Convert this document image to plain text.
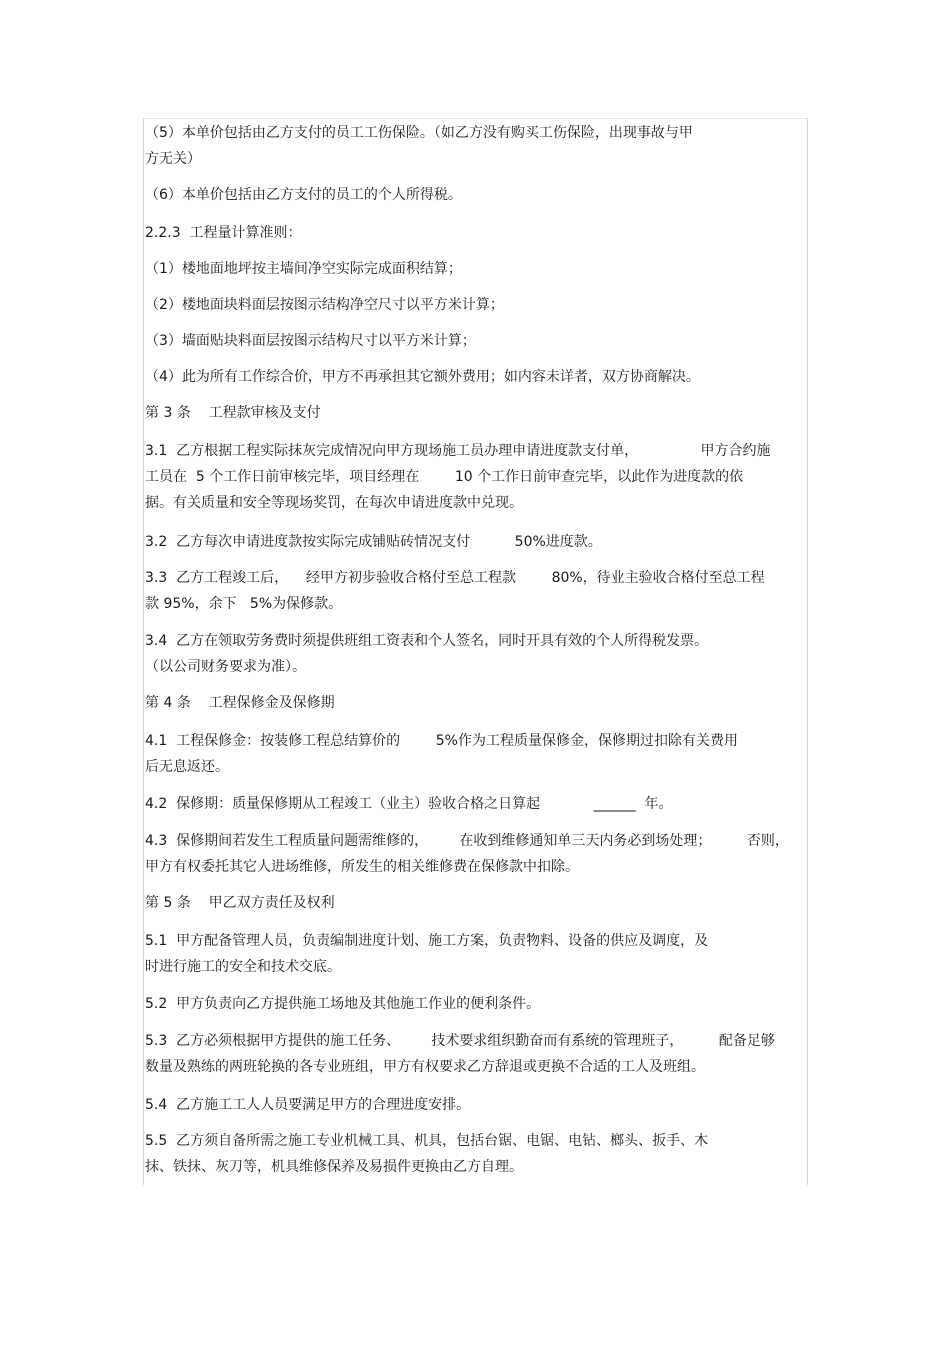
（5）本单价包括由乙方支付的员工工伤保险。（如乙方没有购买工伤保险，出现事故与甲
方无关）
（6）本单价包括由乙方支付的员工的个人所得税。
2.2.3  工程量计算准则：
（1）楼地面地坪按主墙间净空实际完成面积结算；
（2）楼地面块料面层按图示结构净空尺寸以平方米计算；
（3）墙面贴块料面层按图示结构尺寸以平方米计算；
（4）此为所有工作综合价，甲方不再承担其它额外费用；如内容未详者，双方协商解决。
第 3 条    工程款审核及支付
3.1  乙方根据工程实际抹灰完成情况向甲方现场施工员办理申请进度款支付单，              甲方合约施
工员在  5 个工作日前审核完毕，项目经理在        10 个工作日前审查完毕，以此作为进度款的依
据。有关质量和安全等现场奖罚，在每次申请进度款中兑现。
3.2  乙方每次申请进度款按实际完成铺贴砖情况支付          50%进度款。
3.3  乙方工程竣工后，    经甲方初步验收合格付至总工程款        80%，待业主验收合格付至总工程
款 95%，余下   5%为保修款。
3.4  乙方在领取劳务费时须提供班组工资表和个人签名，同时开具有效的个人所得税发票。
（以公司财务要求为准）。
第 4 条    工程保修金及保修期
4.1  工程保修金：按装修工程总结算价的        5%作为工程质量保修金，保修期过扣除有关费用
后无息返还。
4.2  保修期：质量保修期从工程竣工（业主）验收合格之日算起            ______  年。
4.3  保修期间若发生工程质量问题需维修的，       在收到维修通知单三天内务必到场处理；        否则，
甲方有权委托其它人进场维修，所发生的相关维修费在保修款中扣除。
第 5 条    甲乙双方责任及权利
5.1  甲方配备管理人员，负责编制进度计划、施工方案，负责物料、设备的供应及调度，及
时进行施工的安全和技术交底。
5.2  甲方负责向乙方提供施工场地及其他施工作业的便利条件。
5.3  乙方必须根据甲方提供的施工任务、       技术要求组织勤奋而有系统的管理班子，        配备足够
数量及熟练的两班轮换的各专业班组，甲方有权要求乙方辞退或更换不合适的工人及班组。
5.4  乙方施工工人人员要满足甲方的合理进度安排。
5.5  乙方须自备所需之施工专业机械工具、机具，包括台锯、电锯、电钻、榔头、扳手、木
抹、铁抹、灰刀等，机具维修保养及易损件更换由乙方自理。
